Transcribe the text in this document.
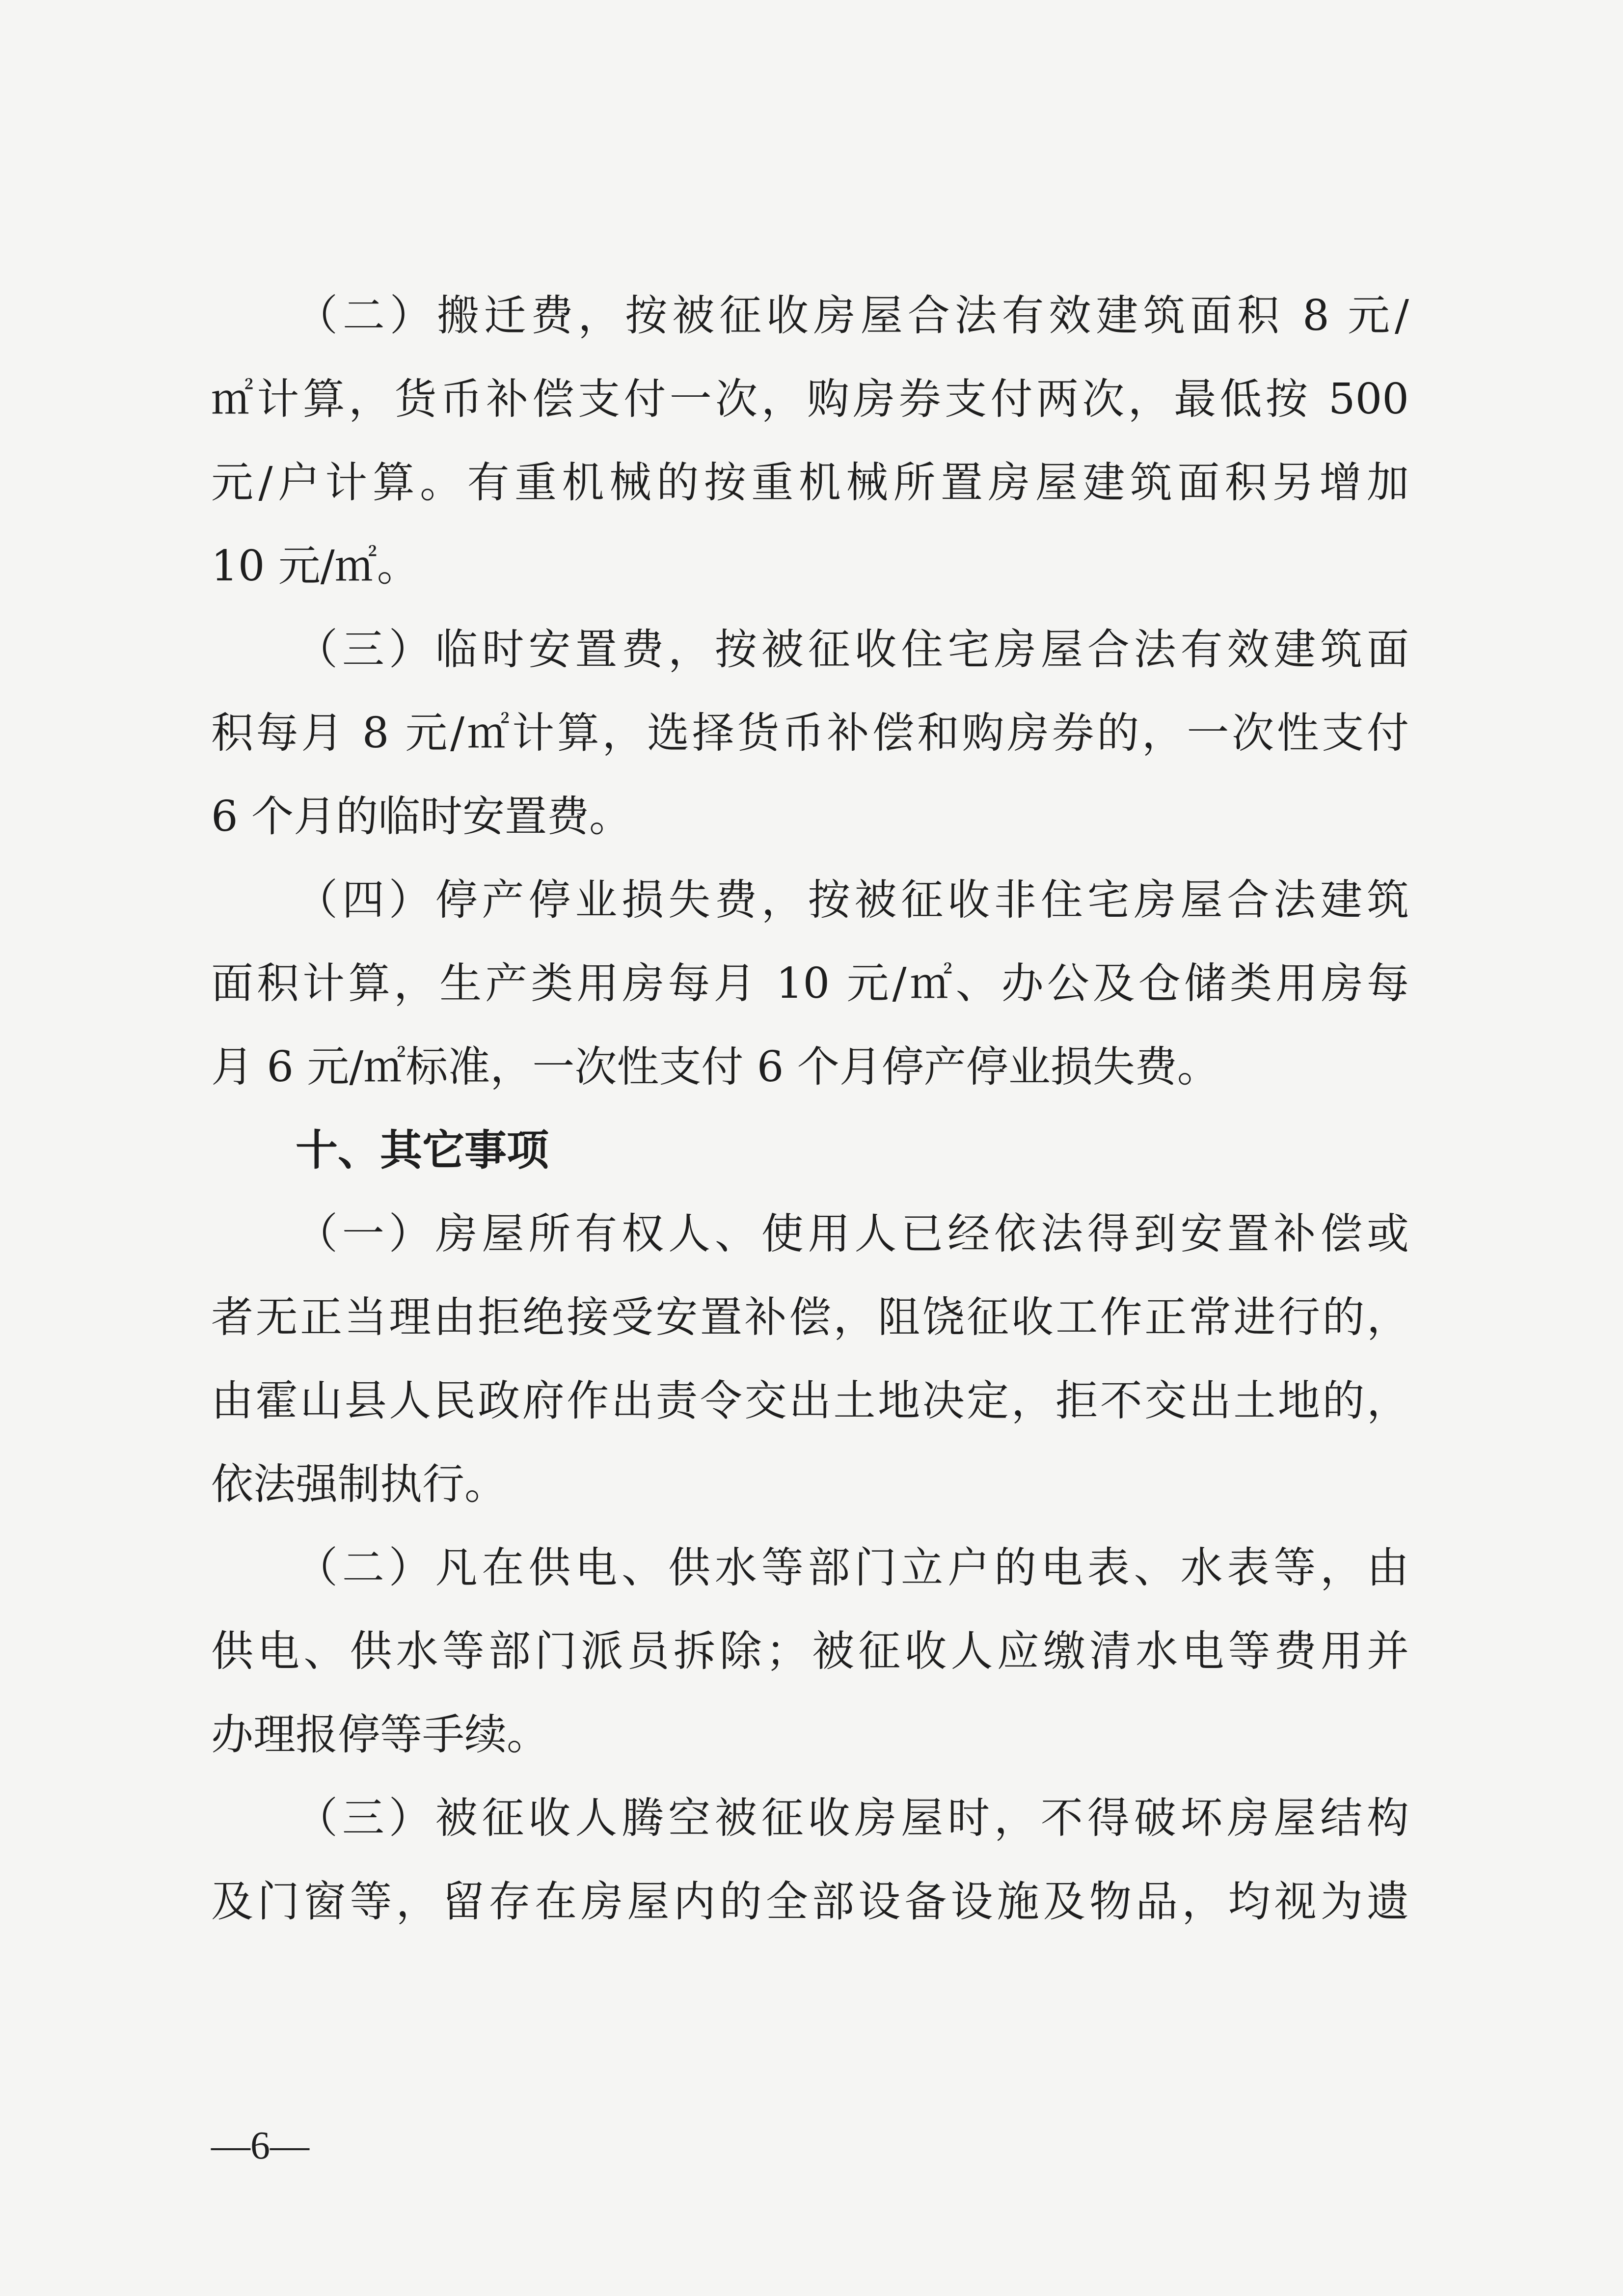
（二）搬迁费，按被征收房屋合法有效建筑面积 8 元/
㎡计算，货币补偿支付一次，购房券支付两次，最低按 500
元/户计算。有重机械的按重机械所置房屋建筑面积另增加
10 元/㎡。
（三）临时安置费，按被征收住宅房屋合法有效建筑面
积每月 8 元/㎡计算，选择货币补偿和购房券的，一次性支付
6 个月的临时安置费。
（四）停产停业损失费，按被征收非住宅房屋合法建筑
面积计算，生产类用房每月 10 元/㎡、办公及仓储类用房每
月 6 元/㎡标准，一次性支付 6 个月停产停业损失费。
十、其它事项
（一）房屋所有权人、使用人已经依法得到安置补偿或
者无正当理由拒绝接受安置补偿，阻饶征收工作正常进行的，
由霍山县人民政府作出责令交出土地决定，拒不交出土地的，
依法强制执行。
（二）凡在供电、供水等部门立户的电表、水表等，由
供电、供水等部门派员拆除；被征收人应缴清水电等费用并
办理报停等手续。
（三）被征收人腾空被征收房屋时，不得破坏房屋结构
及门窗等，留存在房屋内的全部设备设施及物品，均视为遗
—6—
